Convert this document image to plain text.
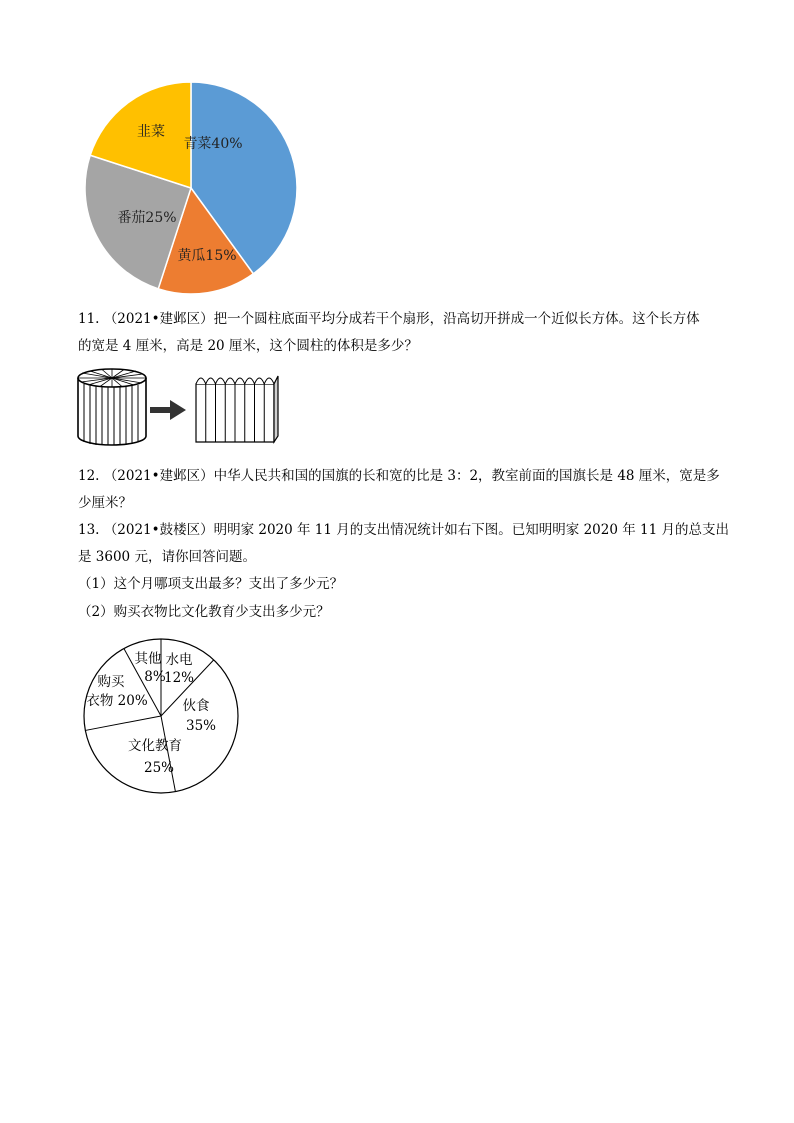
青菜40%
黄瓜15%
番茄25%
韭菜
11. （2021•建邺区）把一个圆柱底面平均分成若干个扇形，沿高切开拼成一个近似长方体。这个长方体
的宽是 4 厘米，高是 20 厘米，这个圆柱的体积是多少？
12. （2021•建邺区）中华人民共和国的国旗的长和宽的比是 3：2，教室前面的国旗长是 48 厘米，宽是多
少厘米？
13. （2021•鼓楼区）明明家 2020 年 11 月的支出情况统计如右下图。已知明明家 2020 年 11 月的总支出
是 3600 元，请你回答问题。
（1）这个月哪项支出最多？支出了多少元？
（2）购买衣物比文化教育少支出多少元？
水电
12%
伙食
35%
文化教育
25%
购买
衣物 20%
其他
8%
